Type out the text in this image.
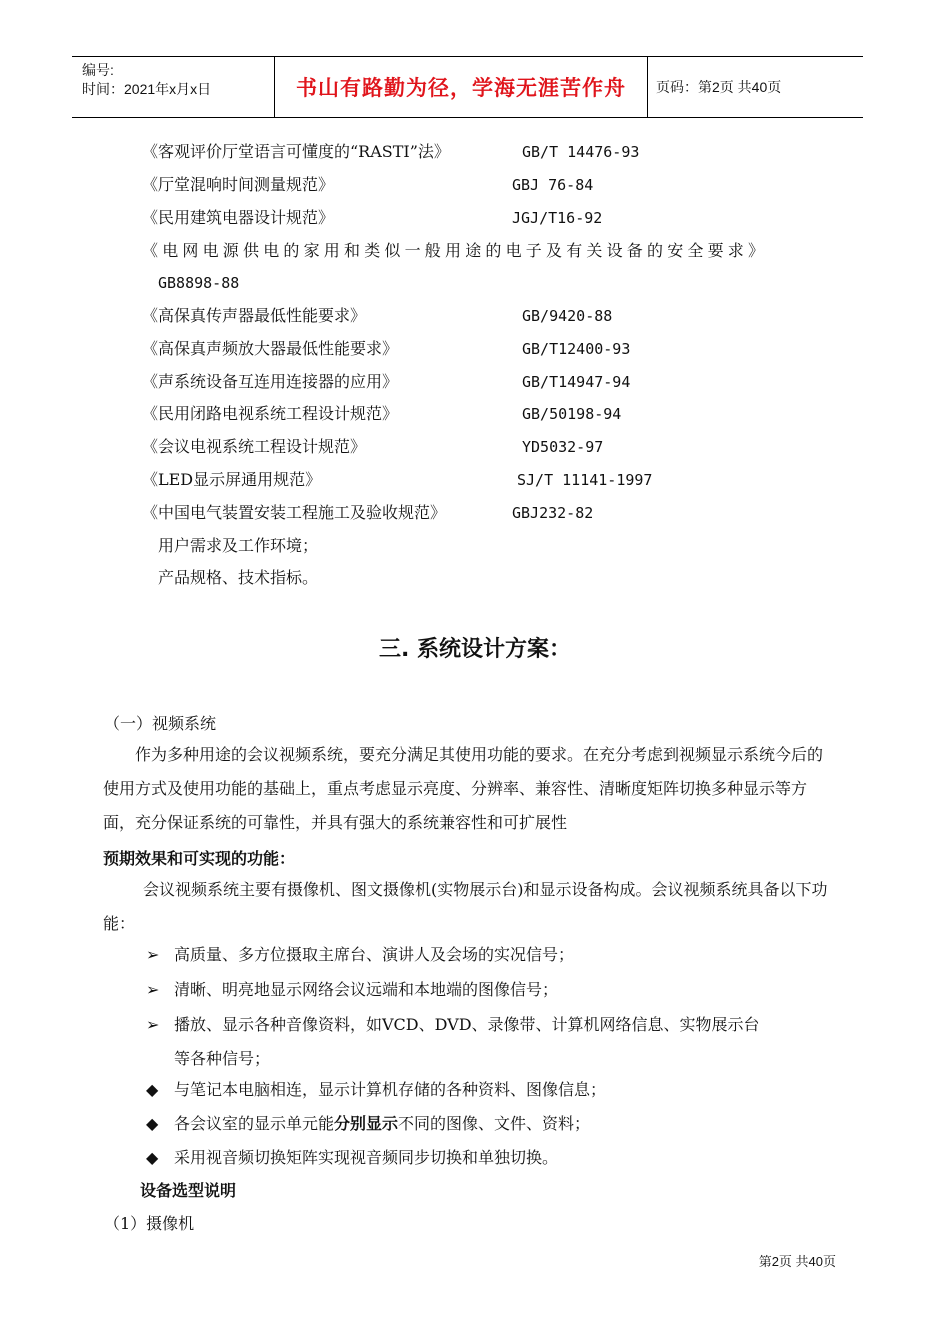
编号:
时间：2021年x月x日	书山有路勤为径，学海无涯苦作舟	页码：第2页 共40页
《客观评价厅堂语言可懂度的“RASTI”法》	GB/T 14476-93
《厅堂混响时间测量规范》	GBJ 76-84
《民用建筑电器设计规范》	JGJ/T16-92
《电网电源供电的家用和类似一般用途的电子及有关设备的安全要求》
GB8898-88
《高保真传声器最低性能要求》	GB/9420-88
《高保真声频放大器最低性能要求》	GB/T12400-93
《声系统设备互连用连接器的应用》	GB/T14947-94
《民用闭路电视系统工程设计规范》	GB/50198-94
《会议电视系统工程设计规范》	YD5032-97
《LED显示屏通用规范》	SJ/T 11141-1997
《中国电气装置安装工程施工及验收规范》	GBJ232-82
用户需求及工作环境；
产品规格、技术指标。
三. 系统设计方案：
（一）视频系统
作为多种用途的会议视频系统，要充分满足其使用功能的要求。在充分考虑到视频显示系统今后的使用方式及使用功能的基础上，重点考虑显示亮度、分辨率、兼容性、清晰度矩阵切换多种显示等方面，充分保证系统的可靠性，并具有强大的系统兼容性和可扩展性
预期效果和可实现的功能：
会议视频系统主要有摄像机、图文摄像机(实物展示台)和显示设备构成。会议视频系统具备以下功能：
➢ 高质量、多方位摄取主席台、演讲人及会场的实况信号；
➢ 清晰、明亮地显示网络会议远端和本地端的图像信号；
➢ 播放、显示各种音像资料，如VCD、DVD、录像带、计算机网络信息、实物展示台
等各种信号；
◆ 与笔记本电脑相连，显示计算机存储的各种资料、图像信息；
◆ 各会议室的显示单元能分别显示不同的图像、文件、资料；
◆ 采用视音频切换矩阵实现视音频同步切换和单独切换。
设备选型说明
（1）摄像机
第2页 共40页
